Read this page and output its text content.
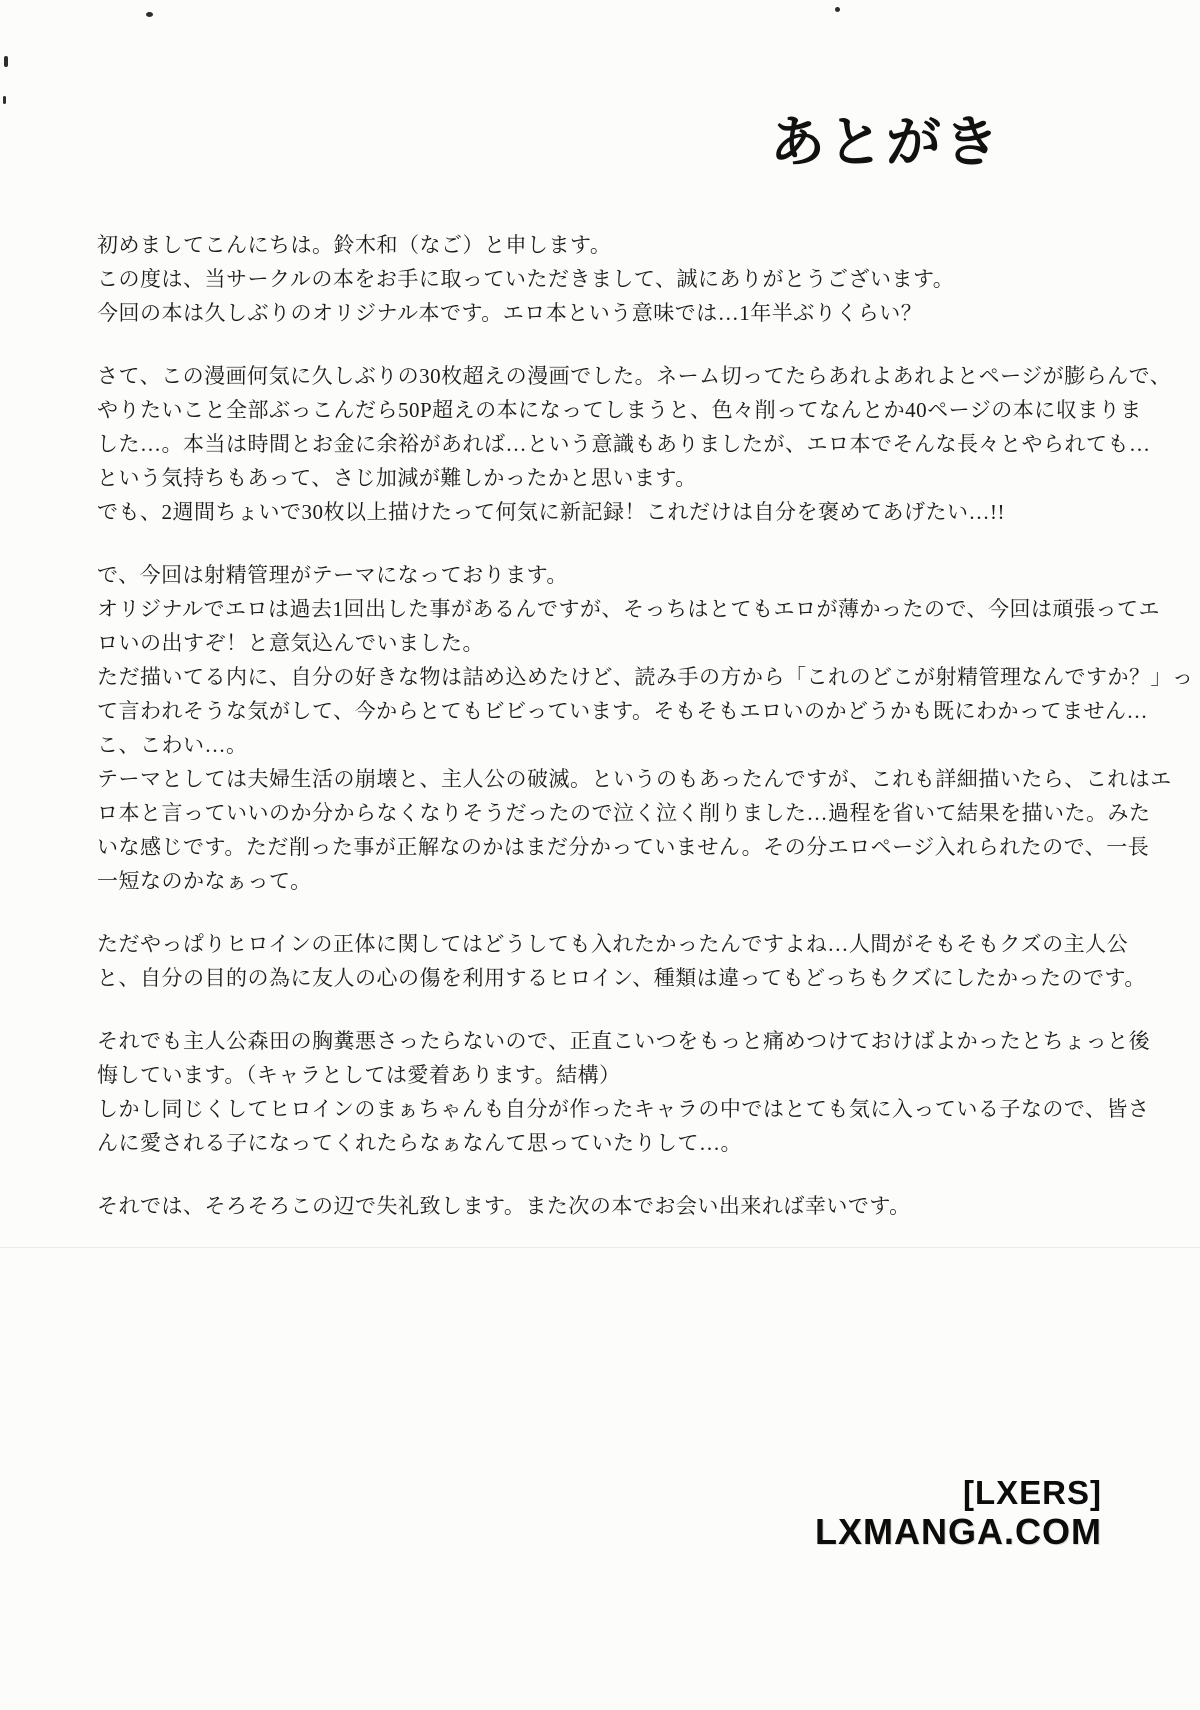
あとがき
初めましてこんにちは。鈴木和（なご）と申します。
この度は、当サークルの本をお手に取っていただきまして、誠にありがとうございます。
今回の本は久しぶりのオリジナル本です。エロ本という意味では…1年半ぶりくらい？
さて、この漫画何気に久しぶりの30枚超えの漫画でした。ネーム切ってたらあれよあれよとページが膨らんで、
やりたいこと全部ぶっこんだら50P超えの本になってしまうと、色々削ってなんとか40ページの本に収まりま
した…。本当は時間とお金に余裕があれば…という意識もありましたが、エロ本でそんな長々とやられても…
という気持ちもあって、さじ加減が難しかったかと思います。
でも、2週間ちょいで30枚以上描けたって何気に新記録！これだけは自分を褒めてあげたい…!!
で、今回は射精管理がテーマになっております。
オリジナルでエロは過去1回出した事があるんですが、そっちはとてもエロが薄かったので、今回は頑張ってエ
ロいの出すぞ！と意気込んでいました。
ただ描いてる内に、自分の好きな物は詰め込めたけど、読み手の方から「これのどこが射精管理なんですか？」っ
て言われそうな気がして、今からとてもビビっています。そもそもエロいのかどうかも既にわかってません…
こ、こわい…。
テーマとしては夫婦生活の崩壊と、主人公の破滅。というのもあったんですが、これも詳細描いたら、これはエ
ロ本と言っていいのか分からなくなりそうだったので泣く泣く削りました…過程を省いて結果を描いた。みた
いな感じです。ただ削った事が正解なのかはまだ分かっていません。その分エロページ入れられたので、一長
一短なのかなぁって。
ただやっぱりヒロインの正体に関してはどうしても入れたかったんですよね…人間がそもそもクズの主人公
と、自分の目的の為に友人の心の傷を利用するヒロイン、種類は違ってもどっちもクズにしたかったのです。
それでも主人公森田の胸糞悪さったらないので、正直こいつをもっと痛めつけておけばよかったとちょっと後
悔しています。（キャラとしては愛着あります。結構）
しかし同じくしてヒロインのまぁちゃんも自分が作ったキャラの中ではとても気に入っている子なので、皆さ
んに愛される子になってくれたらなぁなんて思っていたりして…。
それでは、そろそろこの辺で失礼致します。また次の本でお会い出来れば幸いです。
[LXERS]
LXMANGA.COM
